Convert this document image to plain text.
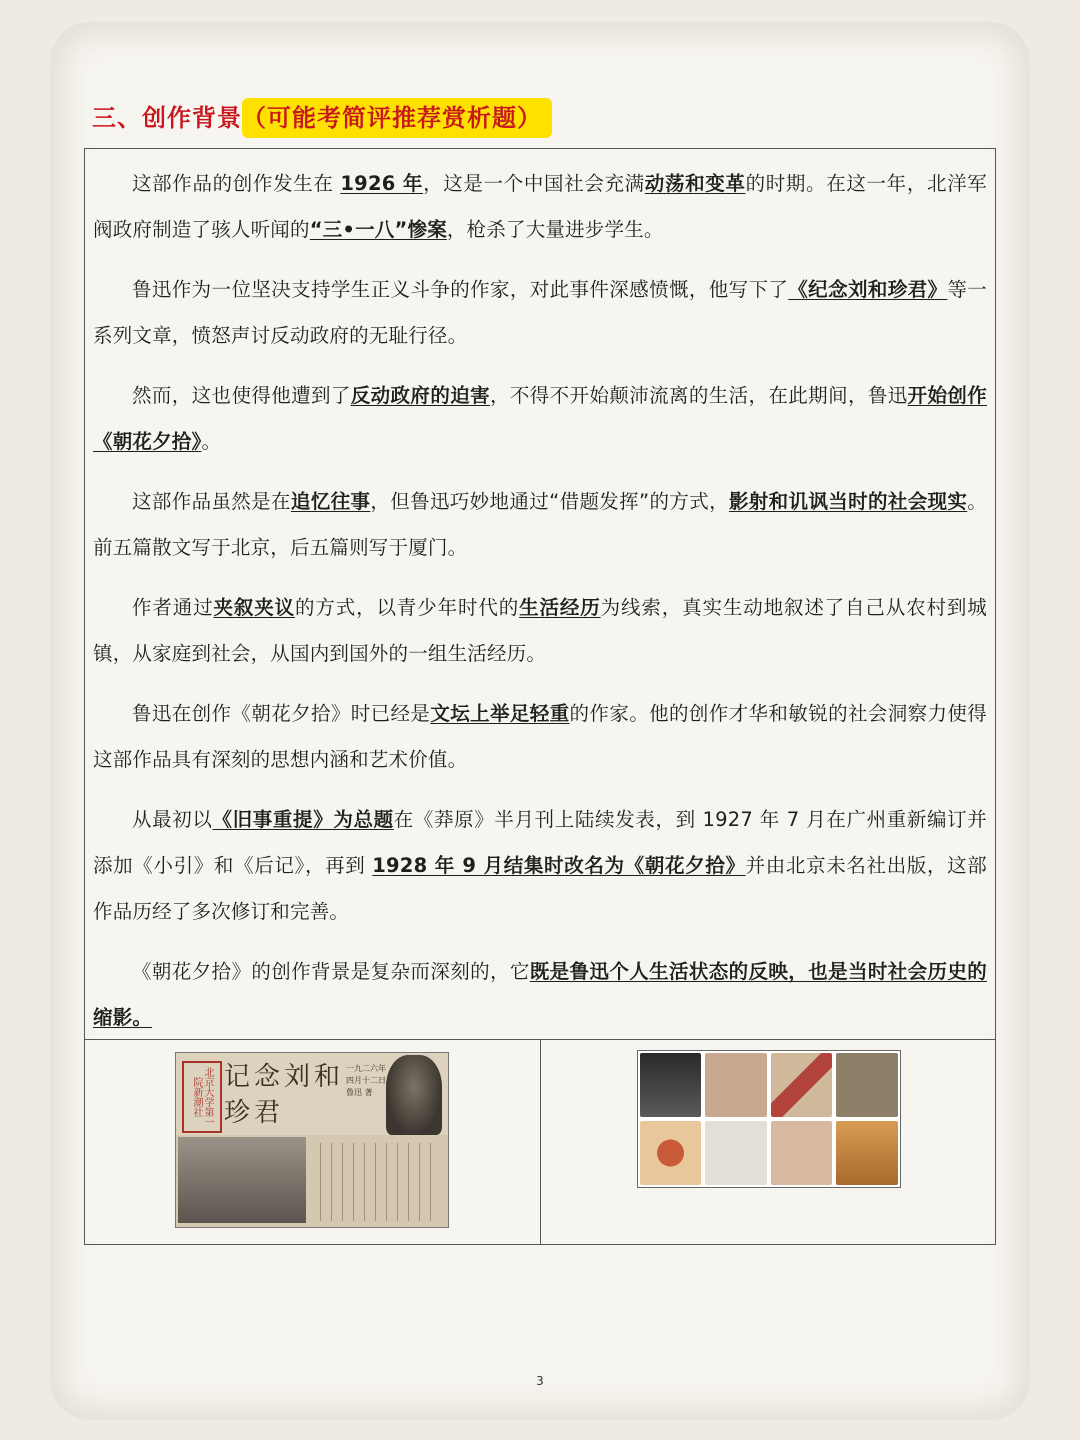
三、创作背景（可能考简评推荐赏析题）

这部作品的创作发生在 1926 年，这是一个中国社会充满动荡和变革的时期。在这一年，北洋军阀政府制造了骇人听闻的“三•一八”惨案，枪杀了大量进步学生。

鲁迅作为一位坚决支持学生正义斗争的作家，对此事件深感愤慨，他写下了《纪念刘和珍君》等一系列文章，愤怒声讨反动政府的无耻行径。

然而，这也使得他遭到了反动政府的迫害，不得不开始颠沛流离的生活，在此期间，鲁迅开始创作《朝花夕拾》。

这部作品虽然是在追忆往事，但鲁迅巧妙地通过“借题发挥”的方式，影射和讥讽当时的社会现实。前五篇散文写于北京，后五篇则写于厦门。

作者通过夹叙夹议的方式，以青少年时代的生活经历为线索，真实生动地叙述了自己从农村到城镇，从家庭到社会，从国内到国外的一组生活经历。

鲁迅在创作《朝花夕拾》时已经是文坛上举足轻重的作家。他的创作才华和敏锐的社会洞察力使得这部作品具有深刻的思想内涵和艺术价值。

从最初以《旧事重提》为总题在《莽原》半月刊上陆续发表，到 1927 年 7 月在广州重新编订并添加《小引》和《后记》，再到 1928 年 9 月结集时改名为《朝花夕拾》并由北京未名社出版，这部作品历经了多次修订和完善。

《朝花夕拾》的创作背景是复杂而深刻的，它既是鲁迅个人生活状态的反映，也是当时社会历史的缩影。

北京大学第一院新潮社 记念刘和珍君
一九二六年四月十二日
鲁迅 著
3
